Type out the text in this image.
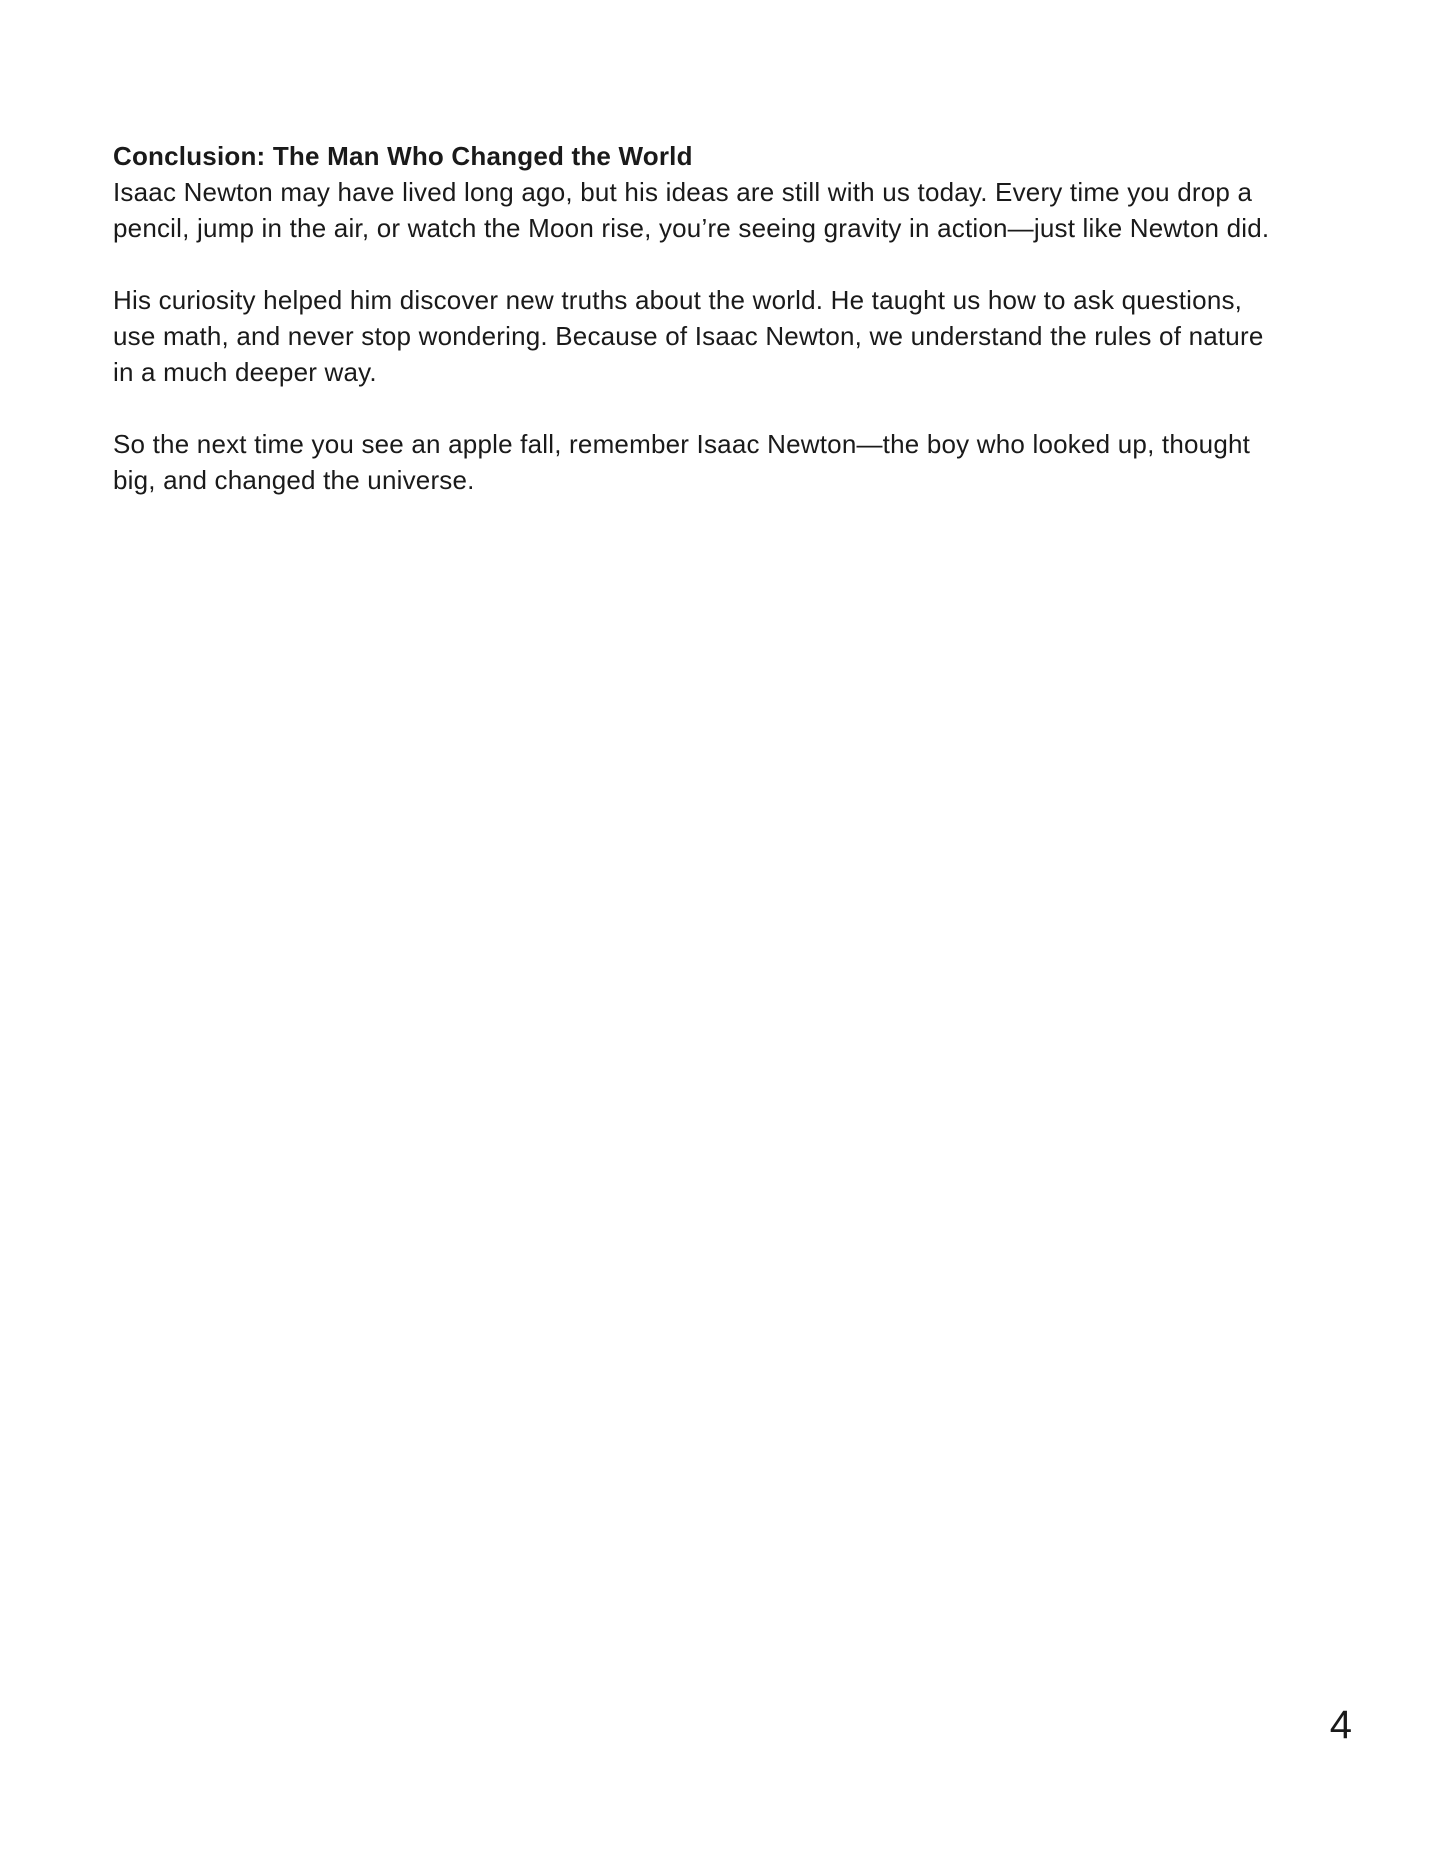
Conclusion: The Man Who Changed the World
Isaac Newton may have lived long ago, but his ideas are still with us today. Every time you drop a
pencil, jump in the air, or watch the Moon rise, you’re seeing gravity in action—just like Newton did.
His curiosity helped him discover new truths about the world. He taught us how to ask questions,
use math, and never stop wondering. Because of Isaac Newton, we understand the rules of nature
in a much deeper way.
So the next time you see an apple fall, remember Isaac Newton—the boy who looked up, thought
big, and changed the universe.
4
